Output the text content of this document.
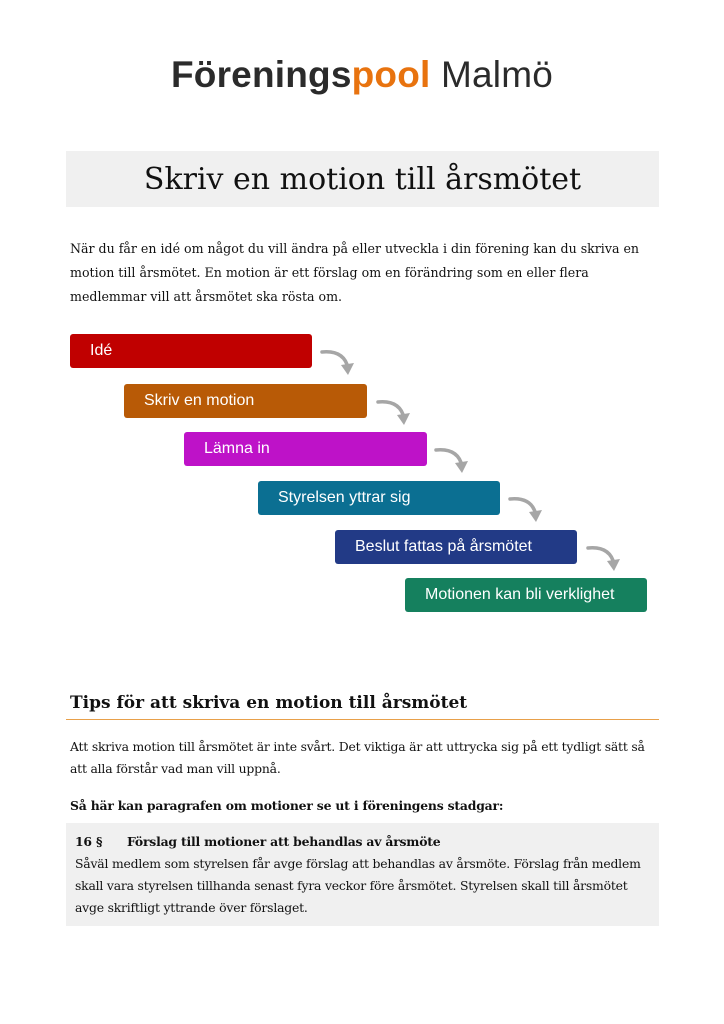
Föreningspool Malmö
Skriv en motion till årsmötet

När du får en idé om något du vill ändra på eller utveckla i din förening kan du skriva en motion till årsmötet. En motion är ett förslag om en förändring som en eller flera medlemmar vill att årsmötet ska rösta om.

Idé
Skriv en motion
Lämna in
Styrelsen yttrar sig
Beslut fattas på årsmötet
Motionen kan bli verklighet
Tips för att skriva en motion till årsmötet

Att skriva motion till årsmötet är inte svårt. Det viktiga är att uttrycka sig på ett tydligt sätt så att alla förstår vad man vill uppnå.

Så här kan paragrafen om motioner se ut i föreningens stadgar:
16 § Förslag till motioner att behandlas av årsmöte
Såväl medlem som styrelsen får avge förslag att behandlas av årsmöte. Förslag från medlem skall vara styrelsen tillhanda senast fyra veckor före årsmötet. Styrelsen skall till årsmötet avge skriftligt yttrande över förslaget.
